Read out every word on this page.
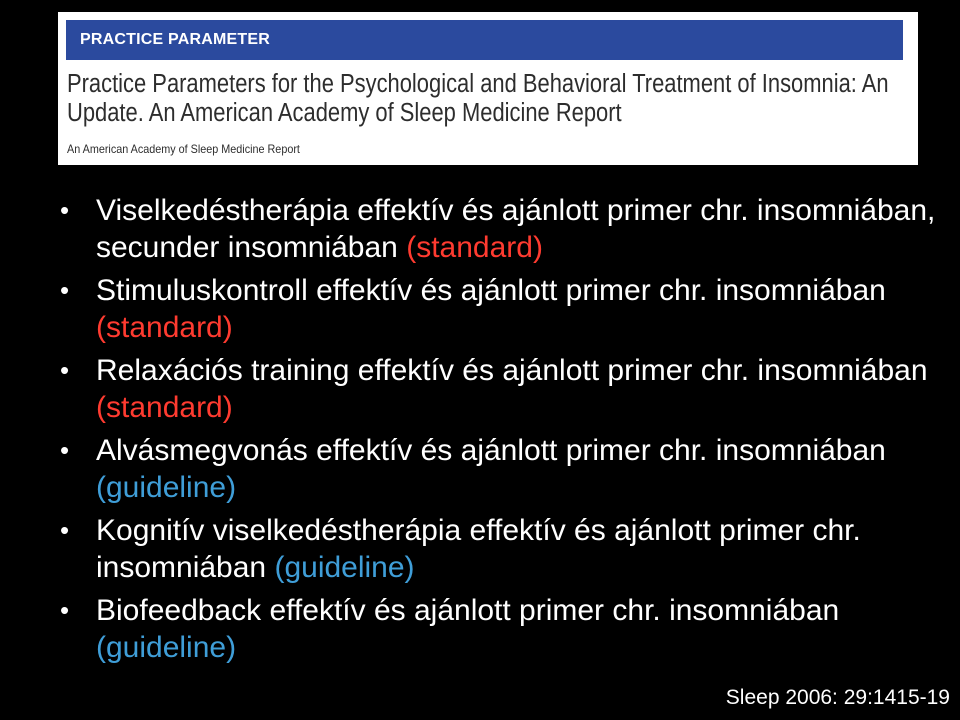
PRACTICE PARAMETER
Practice Parameters for the Psychological and Behavioral Treatment of Insomnia: An Update. An American Academy of Sleep Medicine Report
An American Academy of Sleep Medicine Report
• Viselkedéstherápia effektív és ajánlott primer chr. insomniában, secunder insomniában (standard)
• Stimuluskontroll effektív és ajánlott primer chr. insomniában (standard)
• Relaxációs training effektív és ajánlott primer chr. insomniában (standard)
• Alvásmegvonás effektív és ajánlott primer chr. insomniában (guideline)
• Kognitív viselkedéstherápia effektív és ajánlott primer chr. insomniában (guideline)
• Biofeedback effektív és ajánlott primer chr. insomniában (guideline)
Sleep 2006: 29:1415-19
